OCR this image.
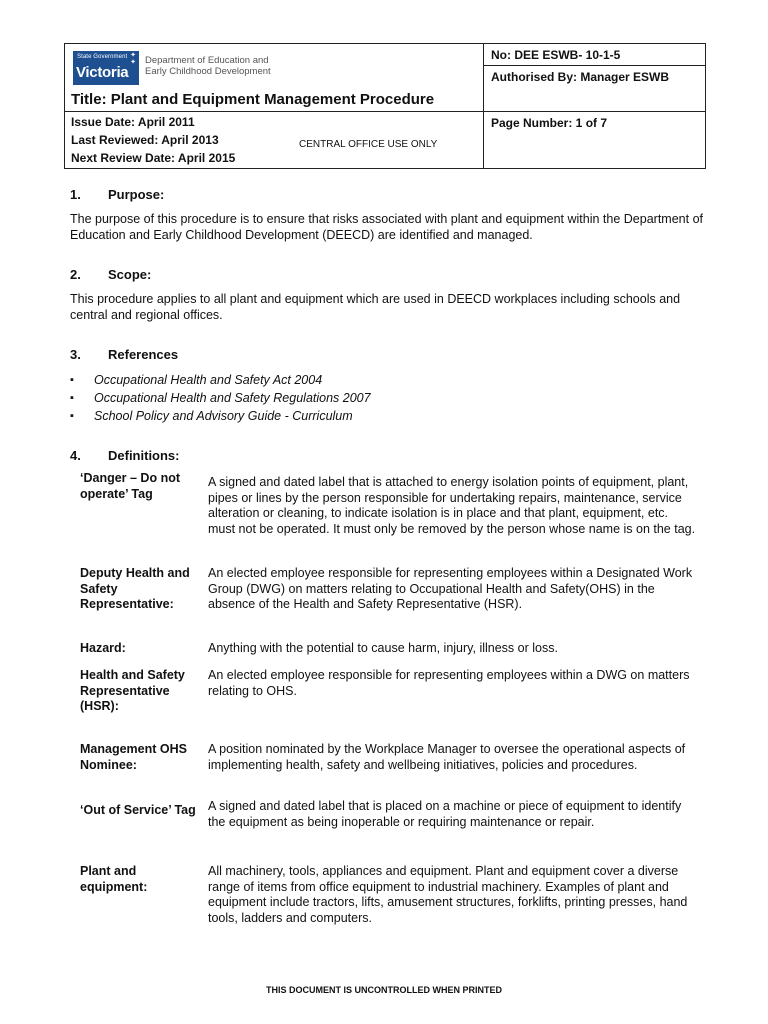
State Government
Victoria
✦
✦ Department of Education and
Early Childhood Development
Title: Plant and Equipment Management Procedure
No: DEE ESWB- 10-1-5
Authorised By: Manager ESWB
Page Number: 1 of 7
Issue Date: April 2011
Last Reviewed: April 2013
Next Review Date: April 2015
CENTRAL OFFICE USE ONLY
1. Purpose:
The purpose of this procedure is to ensure that risks associated with plant and equipment within the Department of Education and Early Childhood Development (DEECD) are identified and managed.
2. Scope:
This procedure applies to all plant and equipment which are used in DEECD workplaces including schools and central and regional offices.
3. References
▪ Occupational Health and Safety Act 2004
▪ Occupational Health and Safety Regulations 2007
▪ School Policy and Advisory Guide - Curriculum
4. Definitions:
‘Danger – Do not operate’ Tag
A signed and dated label that is attached to energy isolation points of equipment, plant, pipes or lines by the person responsible for undertaking repairs, maintenance, service alteration or cleaning, to indicate isolation is in place and that plant, equipment, etc. must not be operated. It must only be removed by the person whose name is on the tag.
Deputy Health and Safety Representative:
An elected employee responsible for representing employees within a Designated Work Group (DWG) on matters relating to Occupational Health and Safety(OHS) in the absence of the Health and Safety Representative (HSR).
Hazard:	Anything with the potential to cause harm, injury, illness or loss.
Health and Safety Representative (HSR):
An elected employee responsible for representing employees within a DWG on matters relating to OHS.
Management OHS Nominee:
A position nominated by the Workplace Manager to oversee the operational aspects of implementing health, safety and wellbeing initiatives, policies and procedures.
‘Out of Service’ Tag A signed and dated label that is placed on a machine or piece of equipment to identify the equipment as being inoperable or requiring maintenance or repair.
Plant and equipment:
All machinery, tools, appliances and equipment. Plant and equipment cover a diverse range of items from office equipment to industrial machinery. Examples of plant and equipment include tractors, lifts, amusement structures, forklifts, printing presses, hand tools, ladders and computers.
THIS DOCUMENT IS UNCONTROLLED WHEN PRINTED
